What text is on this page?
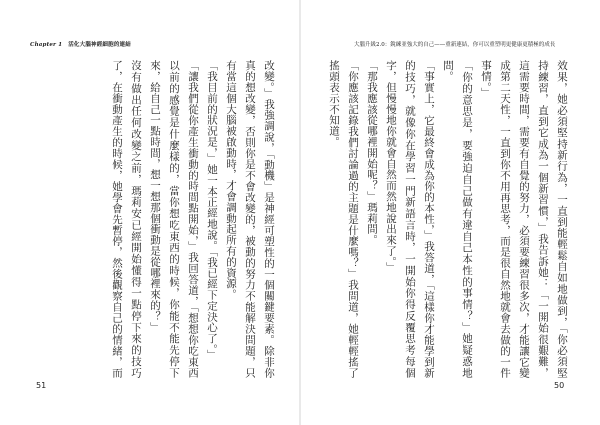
Chapter 1 活化大腦神經細胞的連結

改變。」我強調說，「動機」是神經可塑性的一個關鍵要素。除非你真的想改變，否則你是不會改變的，被動的努力不能解決問題，只有當這個大腦被啟動時，才會調動起所有的資源。

「我目前的狀況是，」她一本正經地說。「我已經下定決心了。」

「讓我們從你產生衝動的時間點開始，」我回答道，「想想你吃東西以前的感覺是什麼樣的，當你想吃東西的時候，你能不能先停下來，給自己一點時間，想一想那個衝動是從哪裡來的？」

沒有做出任何改變之前，瑪莉安已經開始懂得一點停下來的技巧了，在衝動產生的時候，她學會先暫停，然後觀察自己的情緒，而

51
大腦升級2.0：銳練並強大的自己——重新連結，你可以重塑明更健康更積極的成長

效果，她必須堅持新行為，一直到能輕鬆自如地做到，「你必須堅持練習，直到它成為一個新習慣，」我告訴她：「一開始很艱難，這需要時間，需要有自覺的努力，必須要練習很多次，才能讓它變成第二天性，一直到你不用再思考，而是很自然地就會去做的一件事情。」

「你的意思是，要強迫自己做有違自己本性的事情？」她疑惑地問。

「事實上，它最終會成為你的本性，」我答道，「這樣你才能學到新的技巧，就像你在學習一門新語言時，一開始你得反覆思考每個字，但慢慢地你就會自然而然地說出來了。」

「那我應該從哪裡開始呢？」瑪莉問。

「你應該記錄我們討論過的主題是什麼嗎？」我問道，她輕輕搖了搖頭表示不知道。

50
